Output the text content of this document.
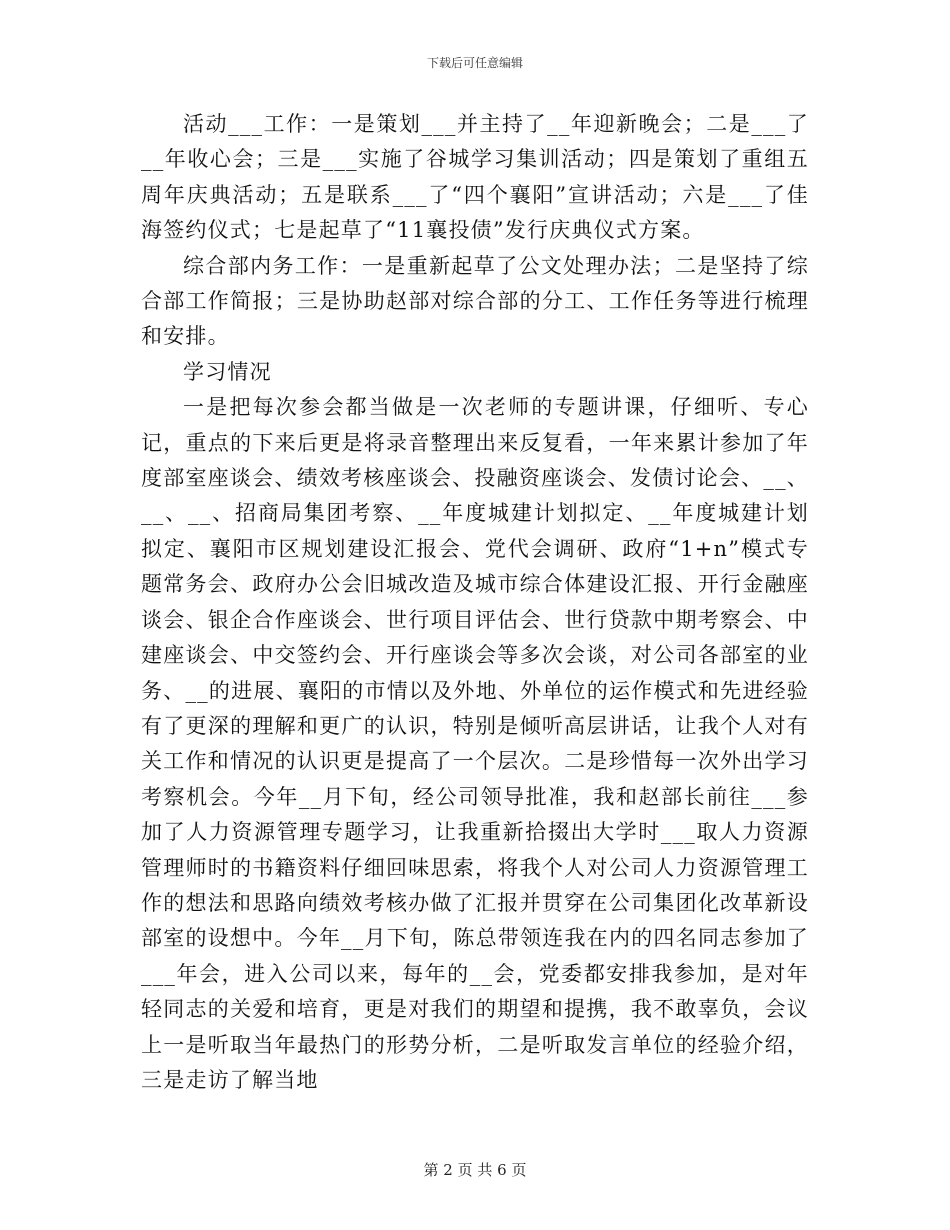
下载后可任意编辑

活动___工作：一是策划___并主持了__年迎新晚会；二是___了__年收心会；三是___实施了谷城学习集训活动；四是策划了重组五周年庆典活动；五是联系___了“四个襄阳”宣讲活动；六是___了佳海签约仪式；七是起草了“11襄投债”发行庆典仪式方案。

综合部内务工作：一是重新起草了公文处理办法；二是坚持了综合部工作简报；三是协助赵部对综合部的分工、工作任务等进行梳理和安排。

学习情况

一是把每次参会都当做是一次老师的专题讲课，仔细听、专心记，重点的下来后更是将录音整理出来反复看，一年来累计参加了年度部室座谈会、绩效考核座谈会、投融资座谈会、发债讨论会、__、__、__、招商局集团考察、__年度城建计划拟定、__年度城建计划拟定、襄阳市区规划建设汇报会、党代会调研、政府“1+n”模式专题常务会、政府办公会旧城改造及城市综合体建设汇报、开行金融座谈会、银企合作座谈会、世行项目评估会、世行贷款中期考察会、中建座谈会、中交签约会、开行座谈会等多次会谈，对公司各部室的业务、__的进展、襄阳的市情以及外地、外单位的运作模式和先进经验有了更深的理解和更广的认识，特别是倾听高层讲话，让我个人对有关工作和情况的认识更是提高了一个层次。二是珍惜每一次外出学习考察机会。今年__月下旬，经公司领导批准，我和赵部长前往___参加了人力资源管理专题学习，让我重新拾掇出大学时___取人力资源管理师时的书籍资料仔细回味思索，将我个人对公司人力资源管理工作的想法和思路向绩效考核办做了汇报并贯穿在公司集团化改革新设部室的设想中。今年__月下旬，陈总带领连我在内的四名同志参加了___年会，进入公司以来，每年的__会，党委都安排我参加，是对年轻同志的关爱和培育，更是对我们的期望和提携，我不敢辜负，会议上一是听取当年最热门的形势分析，二是听取发言单位的经验介绍，三是走访了解当地

第 2 页 共 6 页
